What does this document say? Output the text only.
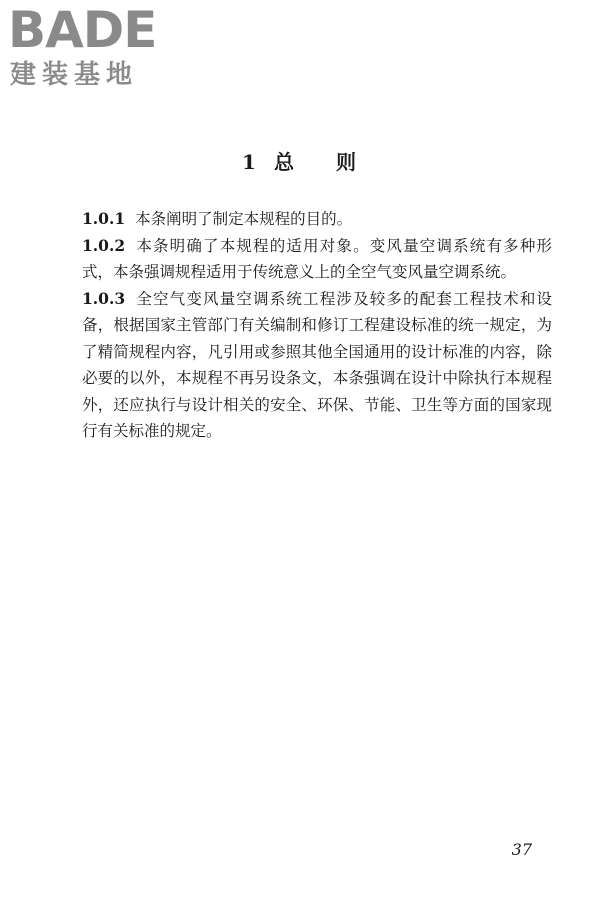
BADE
建装基地
1 总 则

1.0.1 本条阐明了制定本规程的目的。

1.0.2 本条明确了本规程的适用对象。变风量空调系统有多种形式，本条强调规程适用于传统意义上的全空气变风量空调系统。

1.0.3 全空气变风量空调系统工程涉及较多的配套工程技术和设备，根据国家主管部门有关编制和修订工程建设标准的统一规定，为了精简规程内容，凡引用或参照其他全国通用的设计标准的内容，除必要的以外，本规程不再另设条文，本条强调在设计中除执行本规程外，还应执行与设计相关的安全、环保、节能、卫生等方面的国家现行有关标准的规定。

37
